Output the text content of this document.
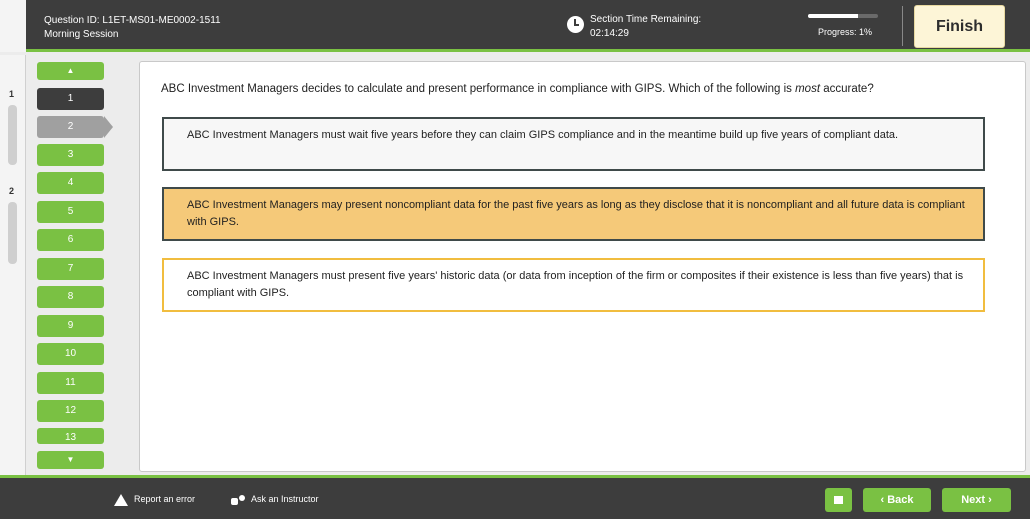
Question ID: L1ET-MS01-ME0002-1511
Morning Session
Section Time Remaining:
02:14:29	Progress: 1%	Finish
1
2
▲
1
2
3
4
5
6
7
8
9
10
11
12
13
▼
ABC Investment Managers decides to calculate and present performance in compliance with GIPS. Which of the following is most accurate?
ABC Investment Managers must wait five years before they can claim GIPS compliance and in the meantime build up five years of compliant data.
ABC Investment Managers may present noncompliant data for the past five years as long as they disclose that it is noncompliant and all future data is compliant with GIPS.
ABC Investment Managers must present five years' historic data (or data from inception of the firm or composites if their existence is less than five years) that is compliant with GIPS.
Report an error	Ask an Instructor	‹ Back	Next ›
